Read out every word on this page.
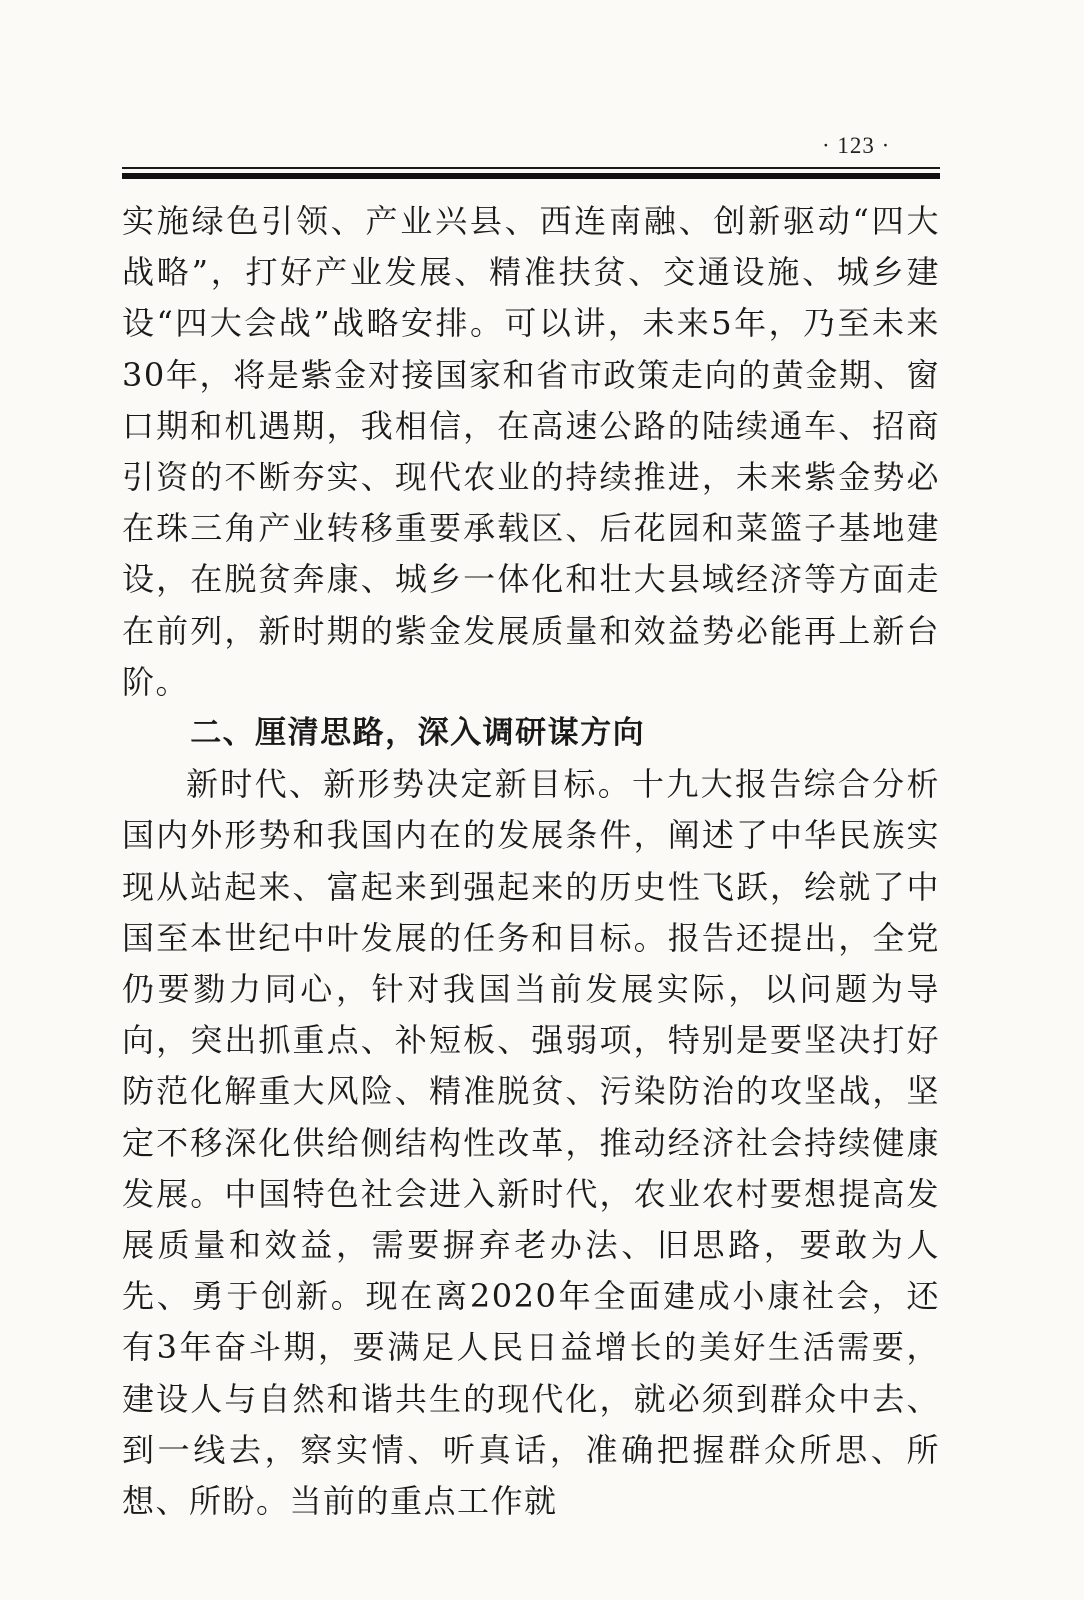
· 123 ·

实施绿色引领、产业兴县、西连南融、创新驱动“四大战略”，打好产业发展、精准扶贫、交通设施、城乡建设“四大会战”战略安排。可以讲，未来5年，乃至未来30年，将是紫金对接国家和省市政策走向的黄金期、窗口期和机遇期，我相信，在高速公路的陆续通车、招商引资的不断夯实、现代农业的持续推进，未来紫金势必在珠三角产业转移重要承载区、后花园和菜篮子基地建设，在脱贫奔康、城乡一体化和壮大县域经济等方面走在前列，新时期的紫金发展质量和效益势必能再上新台阶。

二、厘清思路，深入调研谋方向

新时代、新形势决定新目标。十九大报告综合分析国内外形势和我国内在的发展条件，阐述了中华民族实现从站起来、富起来到强起来的历史性飞跃，绘就了中国至本世纪中叶发展的任务和目标。报告还提出，全党仍要勠力同心，针对我国当前发展实际，以问题为导向，突出抓重点、补短板、强弱项，特别是要坚决打好防范化解重大风险、精准脱贫、污染防治的攻坚战，坚定不移深化供给侧结构性改革，推动经济社会持续健康发展。中国特色社会进入新时代，农业农村要想提高发展质量和效益，需要摒弃老办法、旧思路，要敢为人先、勇于创新。现在离2020年全面建成小康社会，还有3年奋斗期，要满足人民日益增长的美好生活需要，建设人与自然和谐共生的现代化，就必须到群众中去、到一线去，察实情、听真话，准确把握群众所思、所想、所盼。当前的重点工作就
